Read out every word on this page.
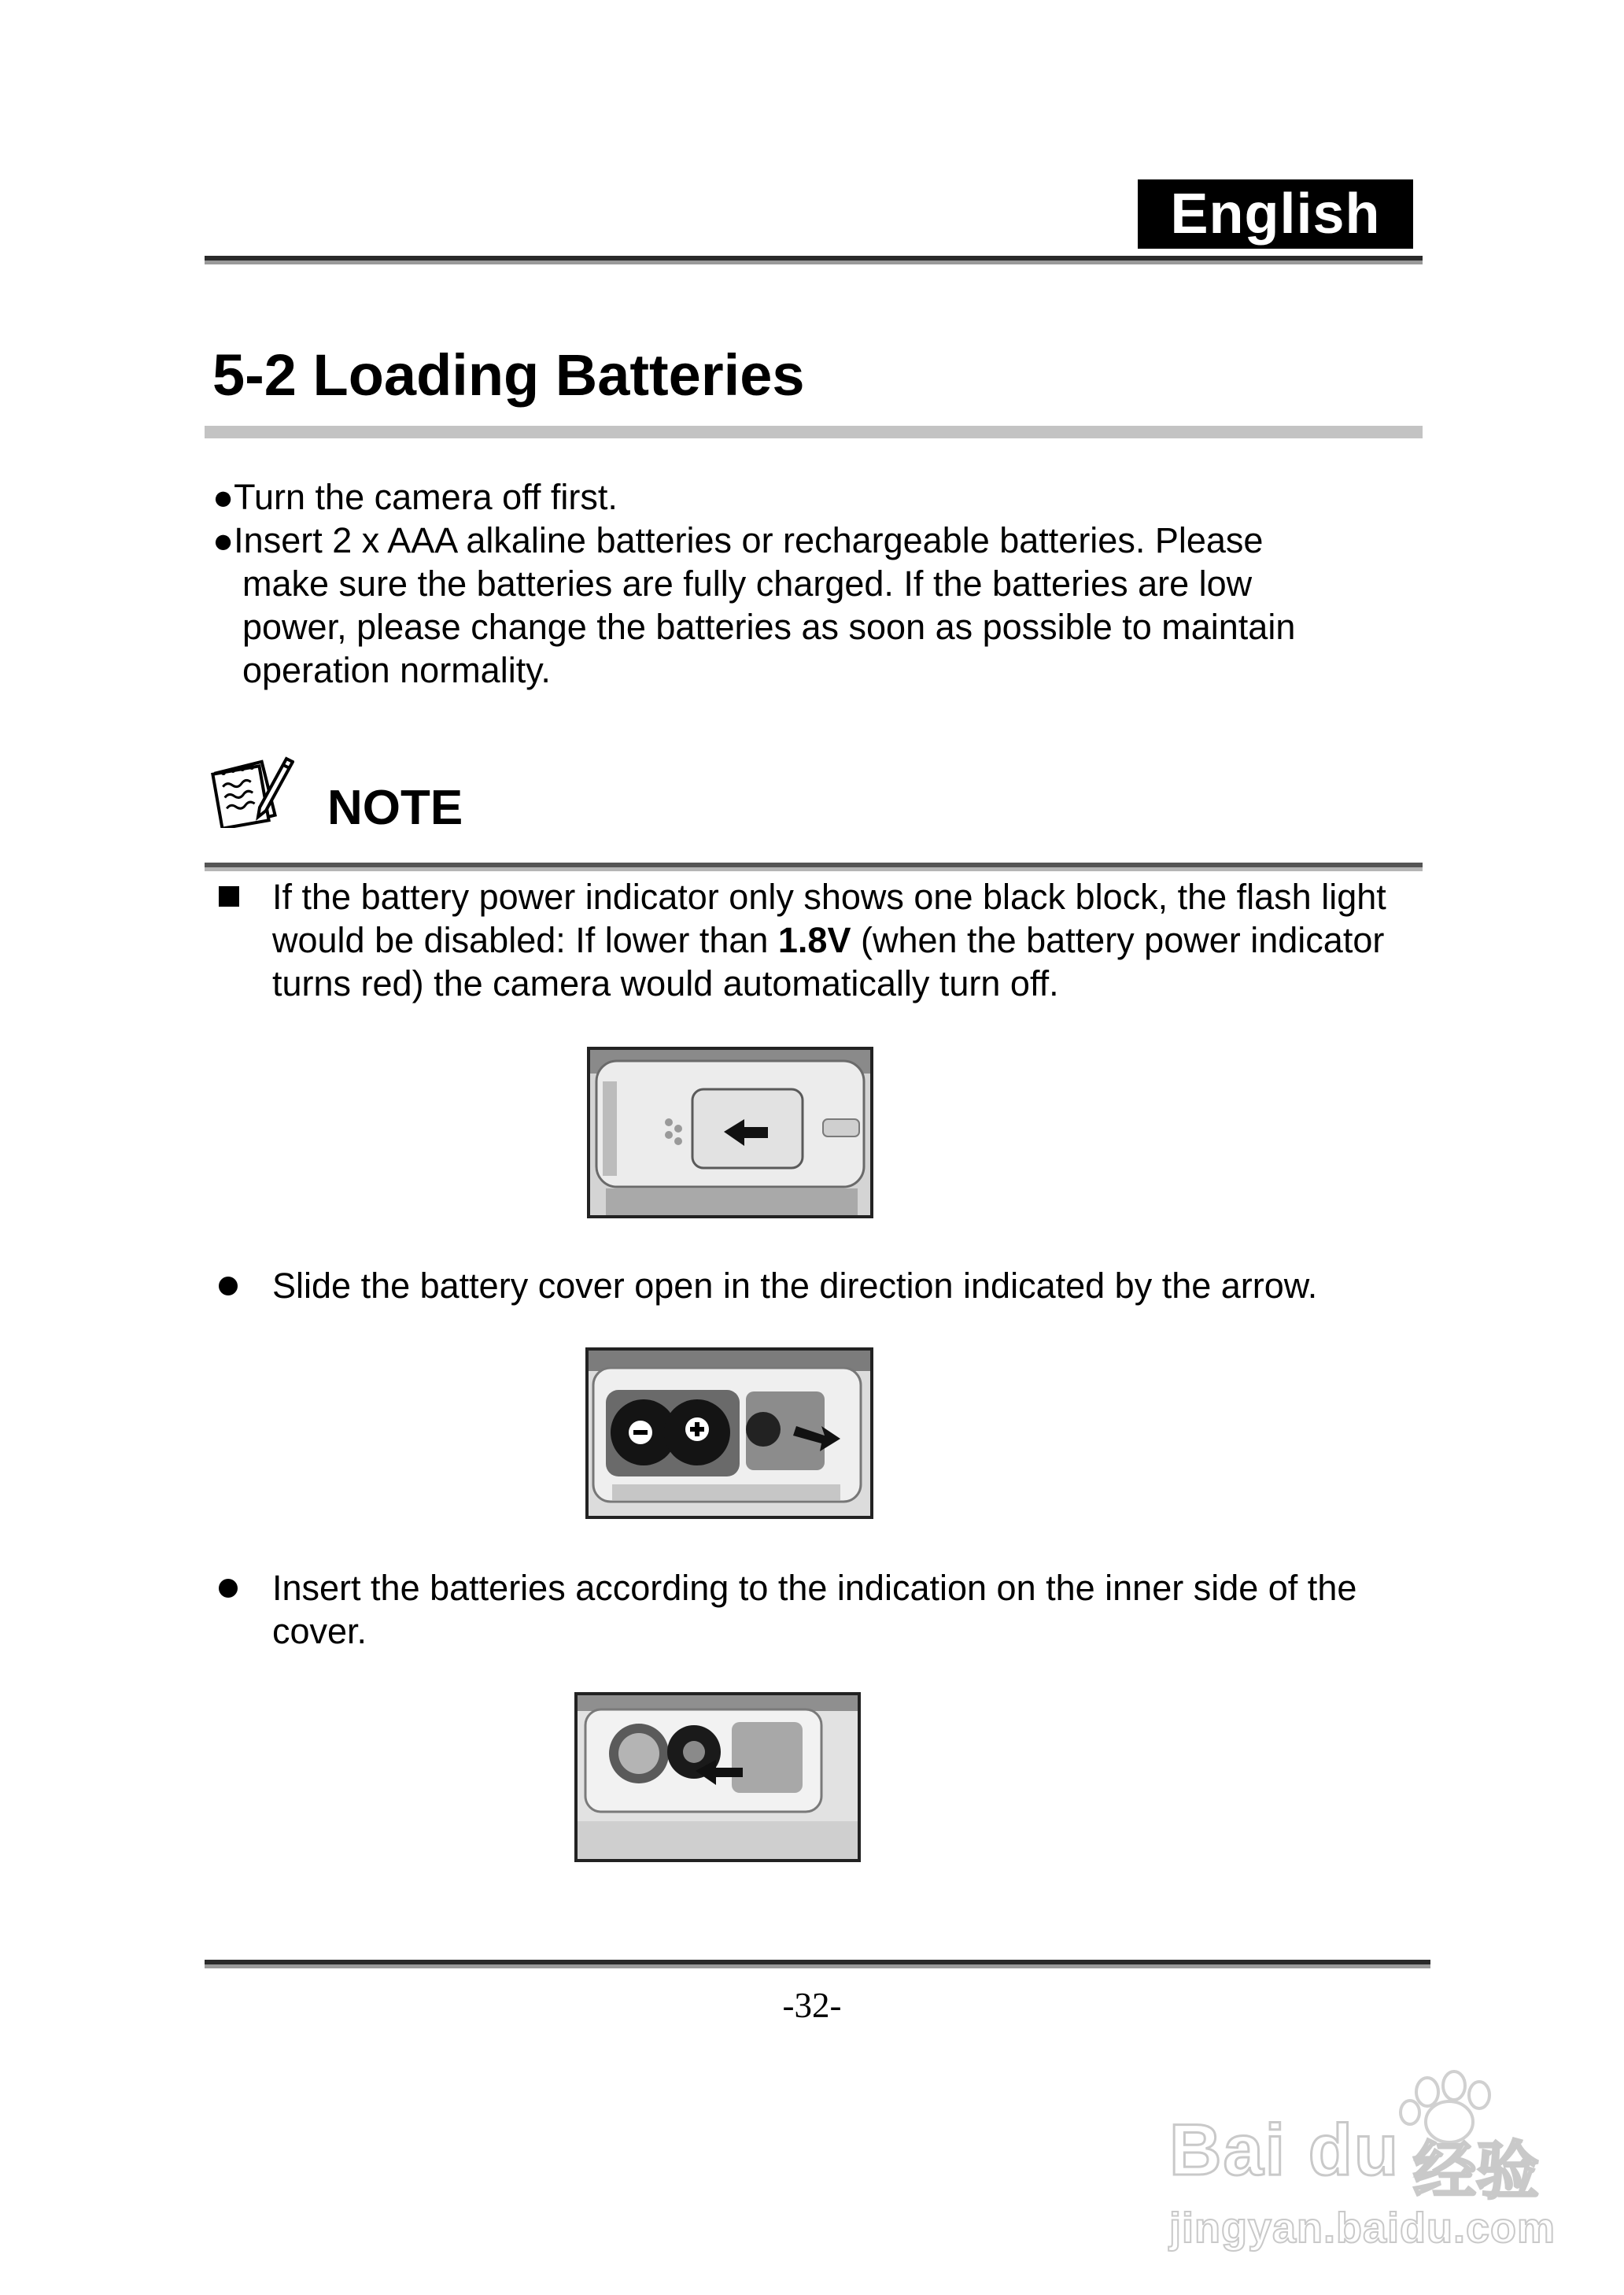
English
5-2 Loading Batteries

●Turn the camera off first.

●Insert 2 x AAA alkaline batteries or rechargeable batteries. Please

make sure the batteries are fully charged. If the batteries are low

power, please change the batteries as soon as possible to maintain

operation normality.

NOTE
If the battery power indicator only shows one black block, the flash light would be disabled: If lower than 1.8V (when the battery power indicator turns red) the camera would automatically turn off.
Slide the battery cover open in the direction indicated by the arrow.
Insert the batteries according to the indication on the inner side of the cover.
-32-
Bai du 经验
jingyan.baidu.com
